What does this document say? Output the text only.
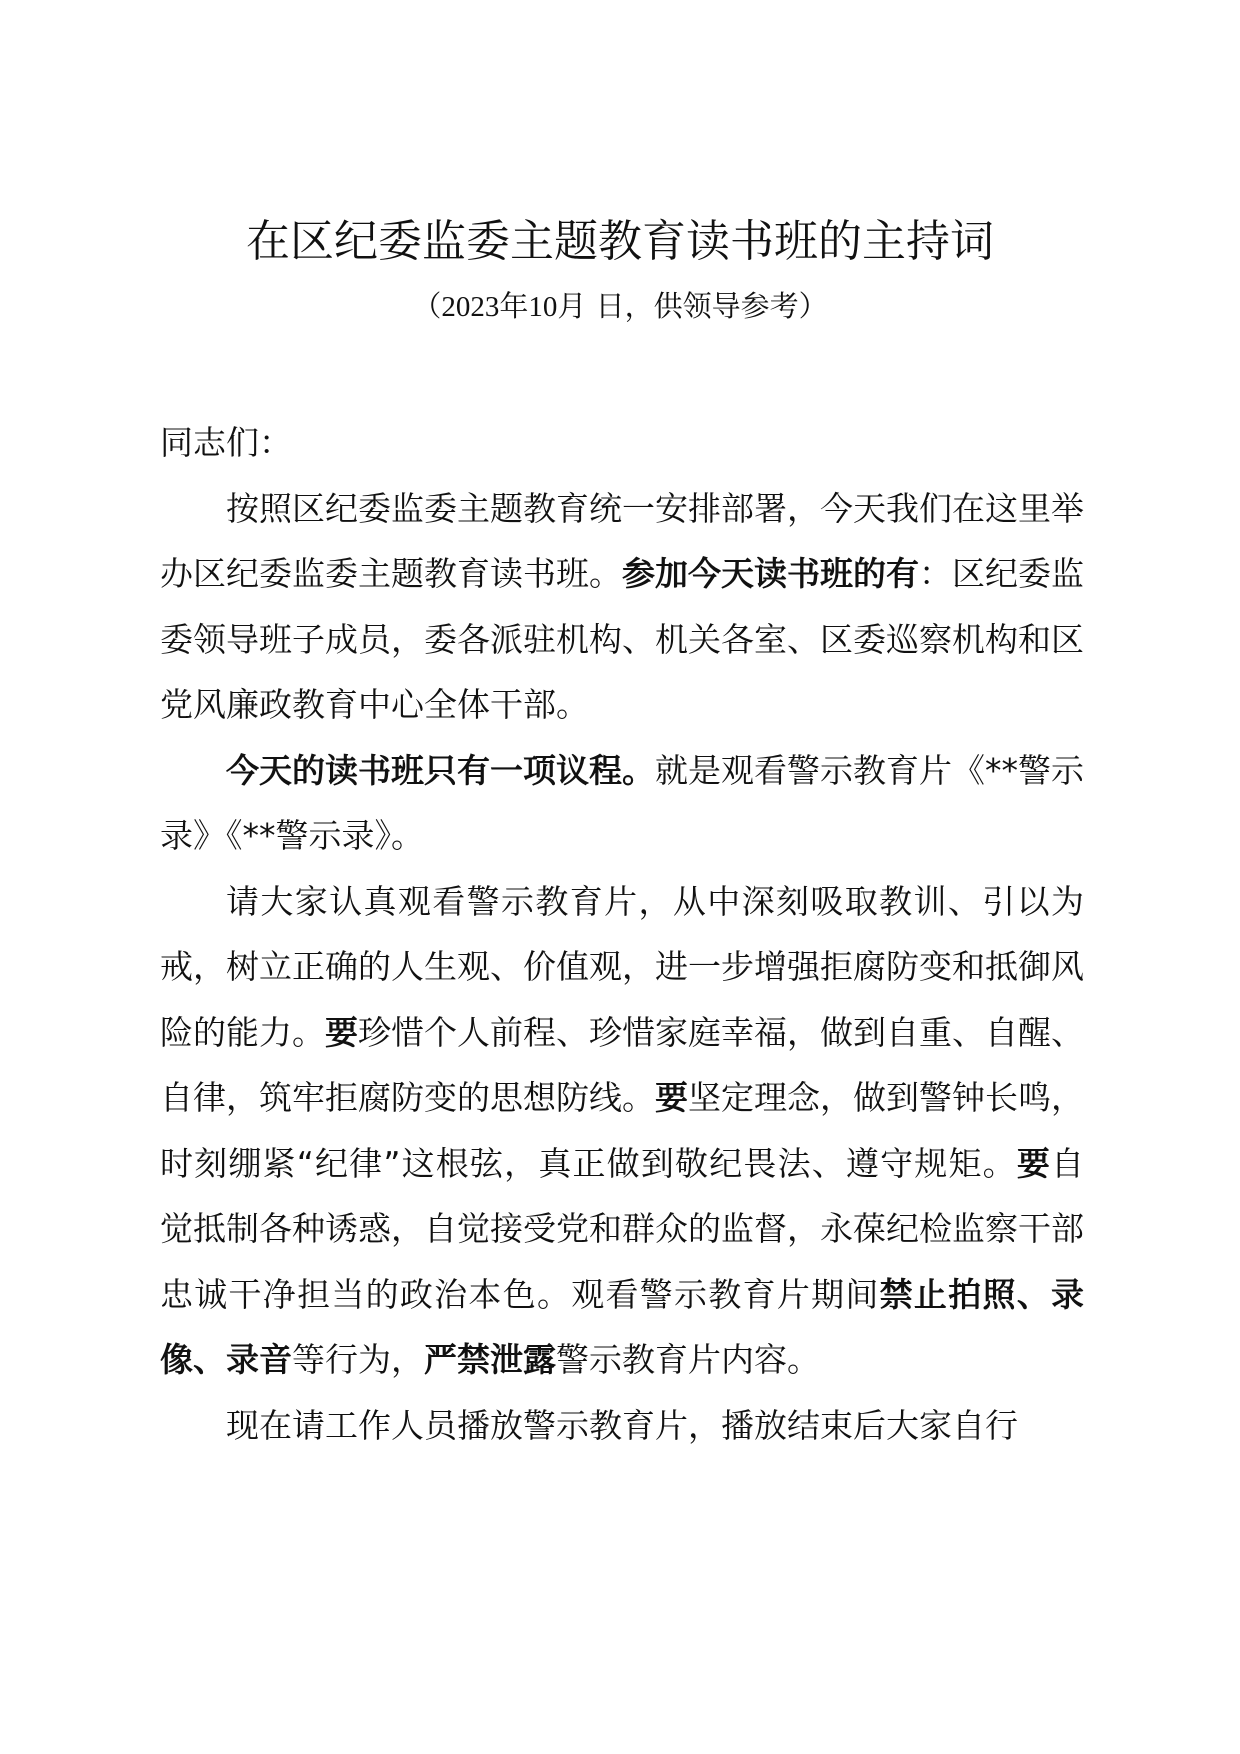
在区纪委监委主题教育读书班的主持词
（2023年10月 日，供领导参考）

同志们：

按照区纪委监委主题教育统一安排部署，今天我们在这里举办区纪委监委主题教育读书班。参加今天读书班的有：区纪委监委领导班子成员，委各派驻机构、机关各室、区委巡察机构和区党风廉政教育中心全体干部。

今天的读书班只有一项议程。就是观看警示教育片《**警示录》《**警示录》。

请大家认真观看警示教育片，从中深刻吸取教训、引以为戒，树立正确的人生观、价值观，进一步增强拒腐防变和抵御风险的能力。要珍惜个人前程、珍惜家庭幸福，做到自重、自醒、自律，筑牢拒腐防变的思想防线。要坚定理念，做到警钟长鸣，时刻绷紧“纪律”这根弦，真正做到敬纪畏法、遵守规矩。要自觉抵制各种诱惑，自觉接受党和群众的监督，永葆纪检监察干部忠诚干净担当的政治本色。观看警示教育片期间禁止拍照、录像、录音等行为，严禁泄露警示教育片内容。

现在请工作人员播放警示教育片，播放结束后大家自行
